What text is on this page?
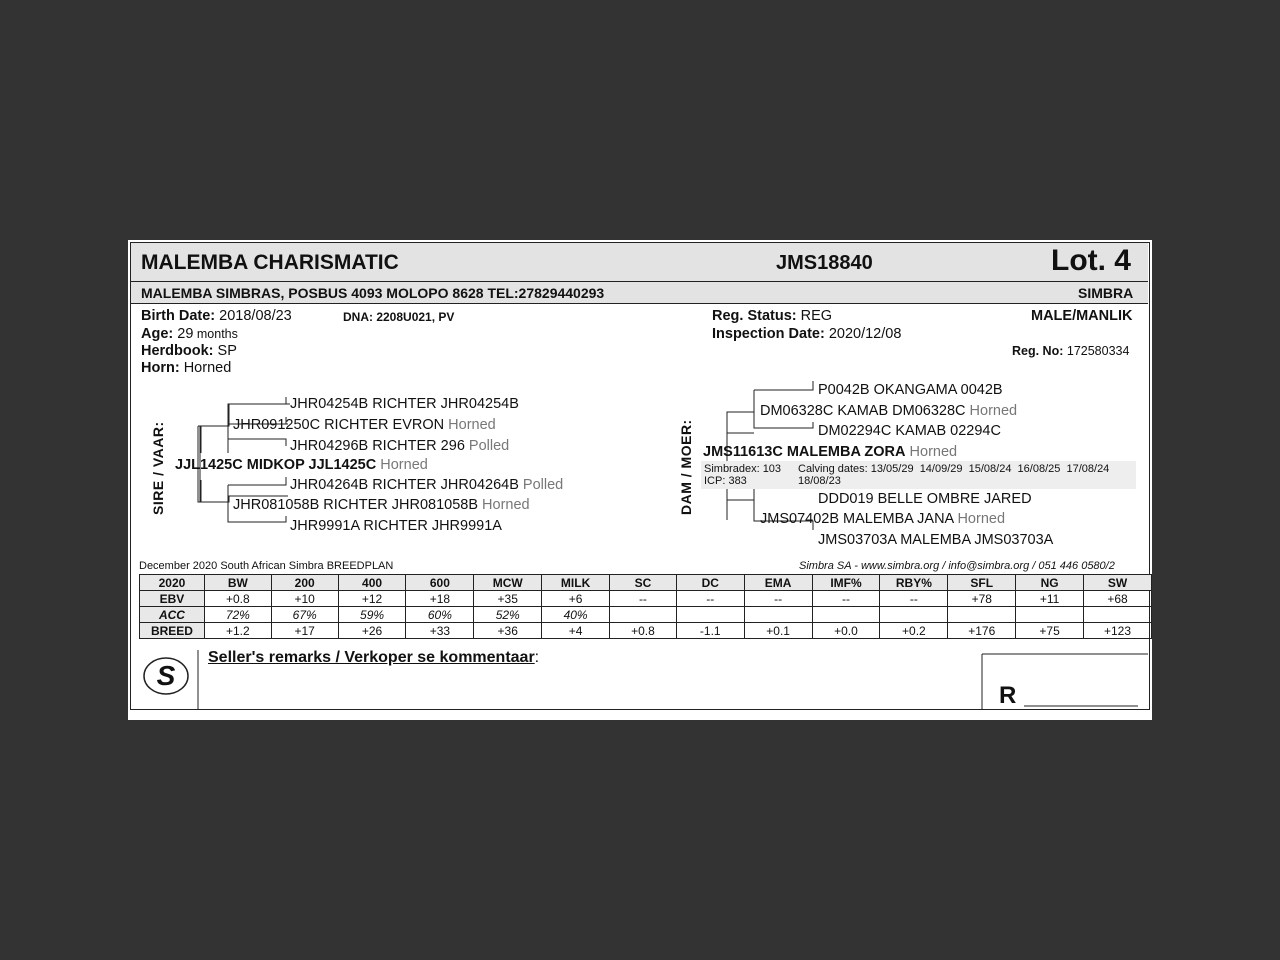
MALEMBA CHARISMATIC	JMS18840	Lot. 4
MALEMBA SIMBRAS, POSBUS 4093 MOLOPO 8628 TEL:27829440293	SIMBRA
Birth Date: 2018/08/23	DNA: 2208U021, PV
Age: 29 months
Herdbook: SP
Horn: Horned
Reg. Status: REG
Inspection Date: 2020/12/08
MALE/MANLIK
Reg. No: 172580334
SIRE / VAAR:
JHR04254B RICHTER JHR04254B
JHR091250C RICHTER EVRON Horned
JHR04296B RICHTER 296 Polled
JJL1425C MIDKOP JJL1425C Horned
JHR04264B RICHTER JHR04264B Polled
JHR081058B RICHTER JHR081058B Horned
JHR9991A RICHTER JHR9991A
DAM / MOER:
P0042B OKANGAMA 0042B
DM06328C KAMAB DM06328C Horned
DM02294C KAMAB 02294C
JMS11613C MALEMBA ZORA Horned
Simbradex: 103
ICP: 383
Calving dates: 13/05/29  14/09/29  15/08/24  16/08/25  17/08/24
18/08/23
DDD019 BELLE OMBRE JARED
JMS07402B MALEMBA JANA Horned
JMS03703A MALEMBA JMS03703A
December 2020 South African Simbra BREEDPLAN	Simbra SA - www.simbra.org / info@simbra.org / 051 446 0580/2
2020	BW	200	400	600	MCW	MILK	SC	DC	EMA	IMF%	RBY%	SFL	NG	SW
EBV	+0.8	+10	+12	+18	+35	+6	--	--	--	--	--	+78	+11	+68
ACC	72%	67%	59%	60%	52%	40%								
BREED	+1.2	+17	+26	+33	+36	+4	+0.8	-1.1	+0.1	+0.0	+0.2	+176	+75	+123
S
Seller's remarks / Verkoper se kommentaar:
R
